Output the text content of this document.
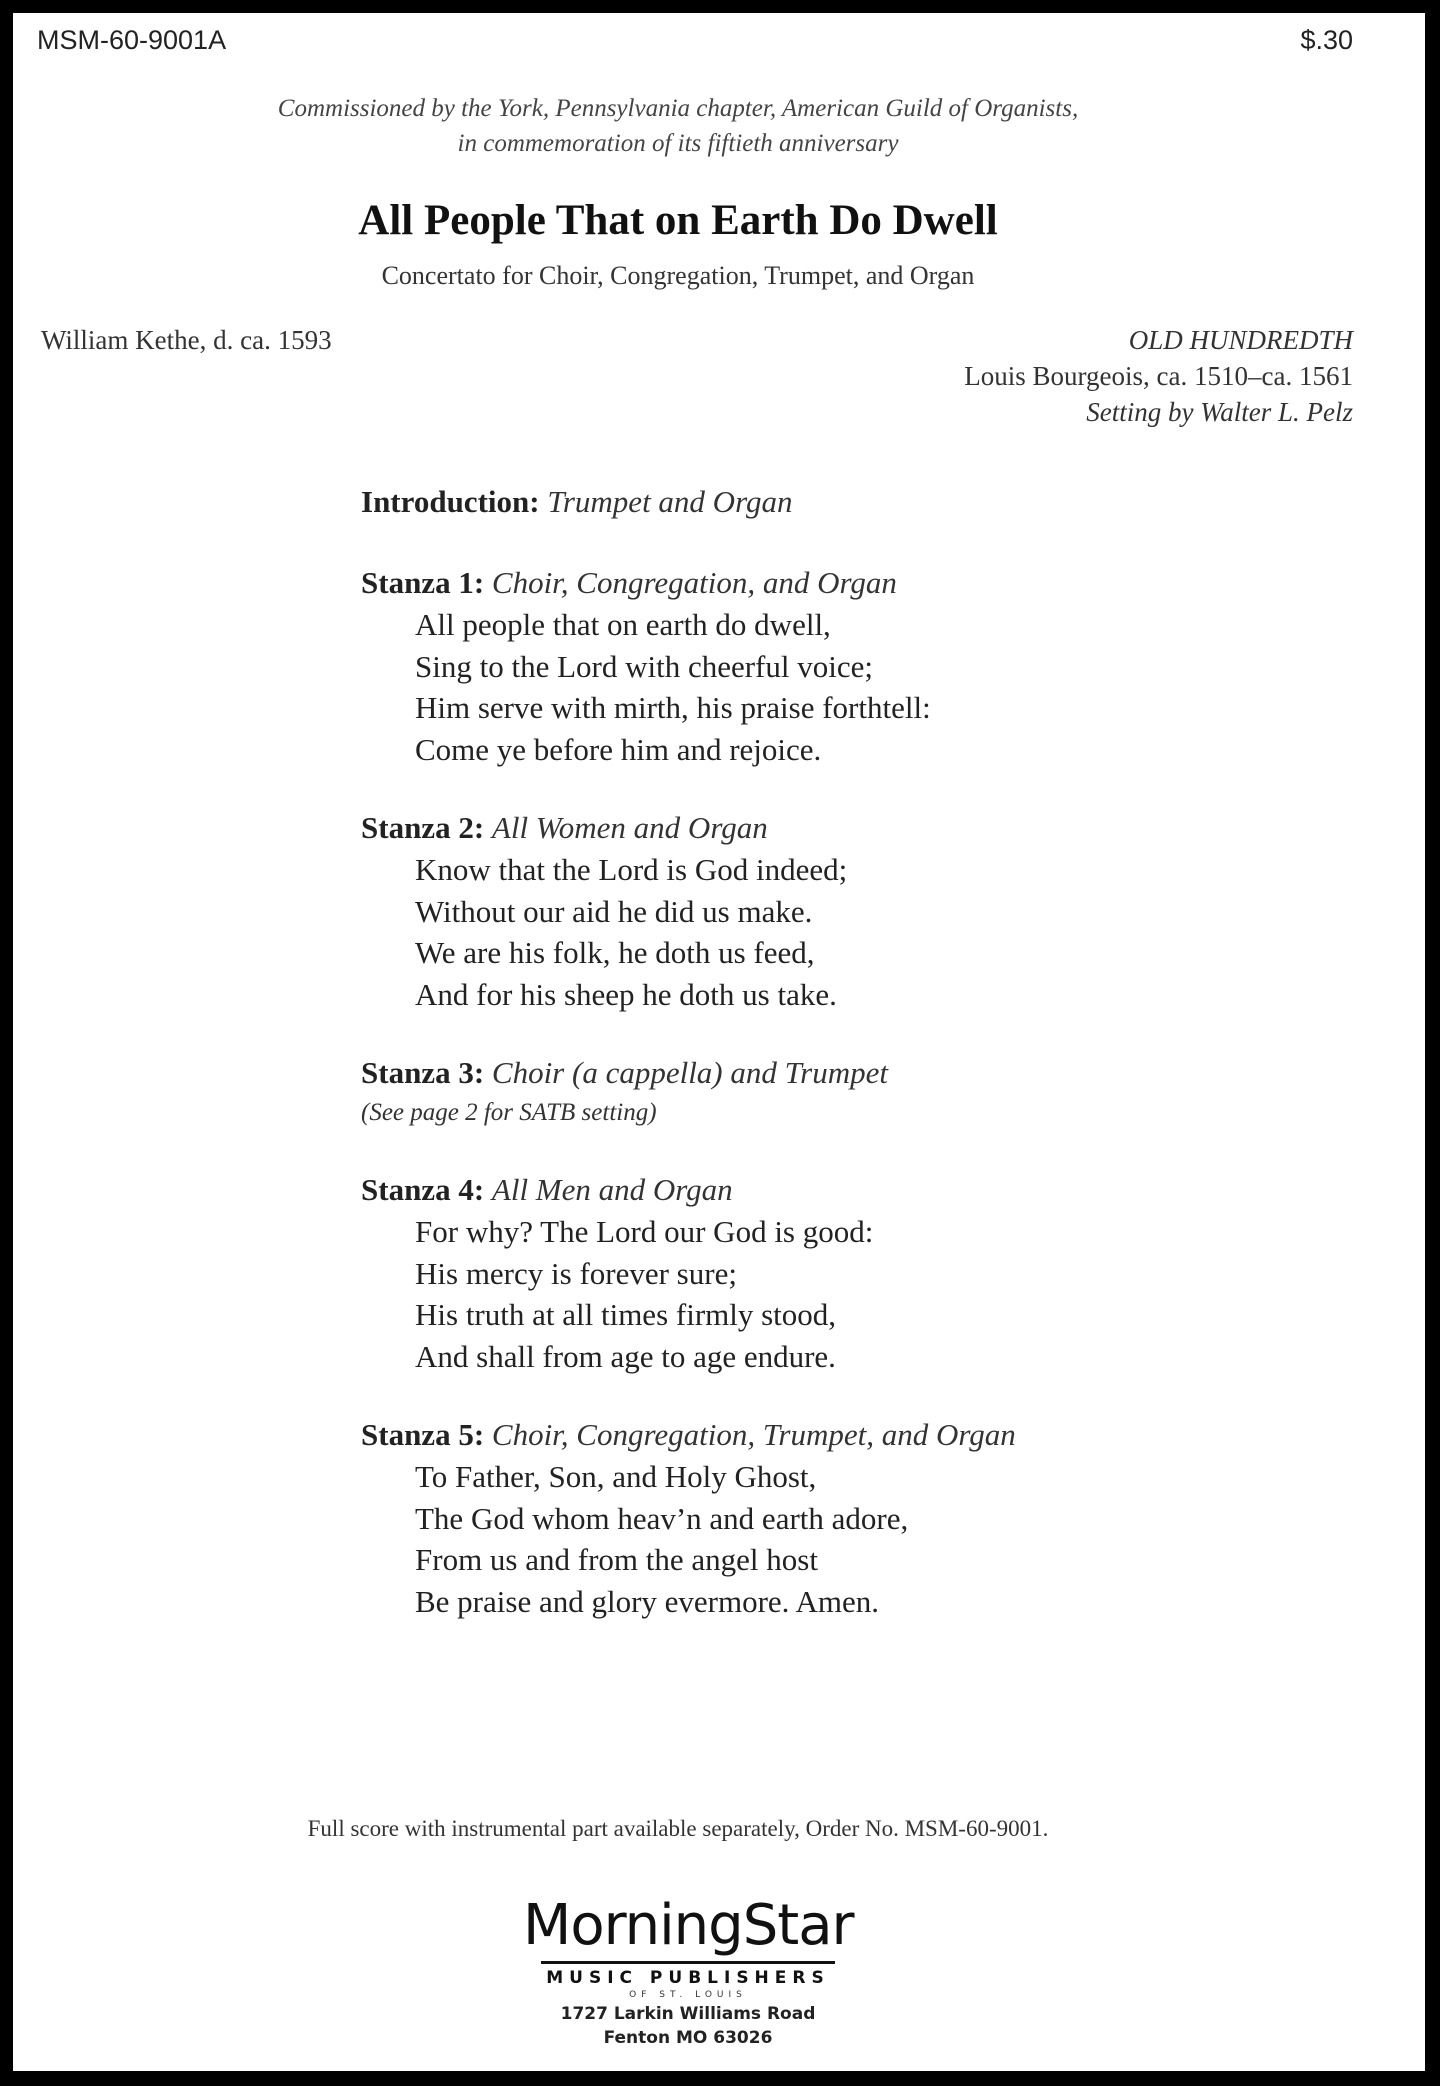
MSM-60-9001A	$.30
Commissioned by the York, Pennsylvania chapter, American Guild of Organists,
in commemoration of its fiftieth anniversary
All People That on Earth Do Dwell
Concertato for Choir, Congregation, Trumpet, and Organ
William Kethe, d. ca. 1593	OLD HUNDREDTH
Louis Bourgeois, ca. 1510–ca. 1561
Setting by Walter L. Pelz
Introduction: Trumpet and Organ
Stanza 1: Choir, Congregation, and Organ
All people that on earth do dwell,
Sing to the Lord with cheerful voice;
Him serve with mirth, his praise forthtell:
Come ye before him and rejoice.
Stanza 2: All Women and Organ
Know that the Lord is God indeed;
Without our aid he did us make.
We are his folk, he doth us feed,
And for his sheep he doth us take.
Stanza 3: Choir (a cappella) and Trumpet
(See page 2 for SATB setting)
Stanza 4: All Men and Organ
For why? The Lord our God is good:
His mercy is forever sure;
His truth at all times firmly stood,
And shall from age to age endure.
Stanza 5: Choir, Congregation, Trumpet, and Organ
To Father, Son, and Holy Ghost,
The God whom heav’n and earth adore,
From us and from the angel host
Be praise and glory evermore. Amen.
Full score with instrumental part available separately, Order No. MSM-60-9001.
MorningStar
MUSIC PUBLISHERS
OF ST. LOUIS
1727 Larkin Williams Road
Fenton MO 63026
